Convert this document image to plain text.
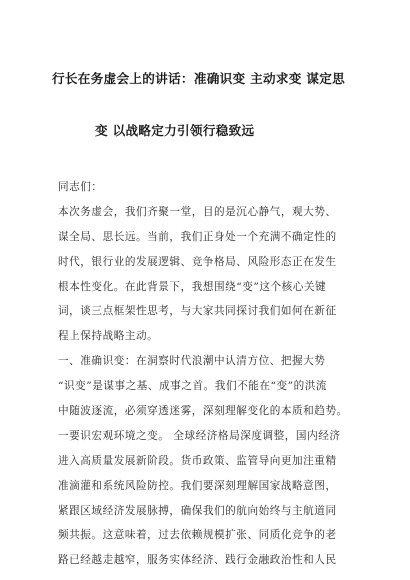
行长在务虚会上的讲话：准确识变 主动求变 谋定思
变 以战略定力引领行稳致远
同志们：
本次务虚会，我们齐聚一堂，目的是沉心静气，观大势、
谋全局、思长远。当前，我们正身处一个充满不确定性的
时代，银行业的发展逻辑、竞争格局、风险形态正在发生
根本性变化。在此背景下，我想围绕“变”这个核心关键
词，谈三点框架性思考，与大家共同探讨我们如何在新征
程上保持战略主动。
一、准确识变：在洞察时代浪潮中认清方位、把握大势
“识变”是谋事之基、成事之首。我们不能在“变”的洪流
中随波逐流，必须穿透迷雾，深刻理解变化的本质和趋势。
一要识宏观环境之变。 全球经济格局深度调整，国内经济
进入高质量发展新阶段。货币政策、监管导向更加注重精
准滴灌和系统风险防控。我们要深刻理解国家战略意图，
紧跟区域经济发展脉搏，确保我们的航向始终与主航道同
频共振。这意味着，过去依赖规模扩张、同质化竞争的老
路已经越走越窄，服务实体经济、践行金融政治性和人民
